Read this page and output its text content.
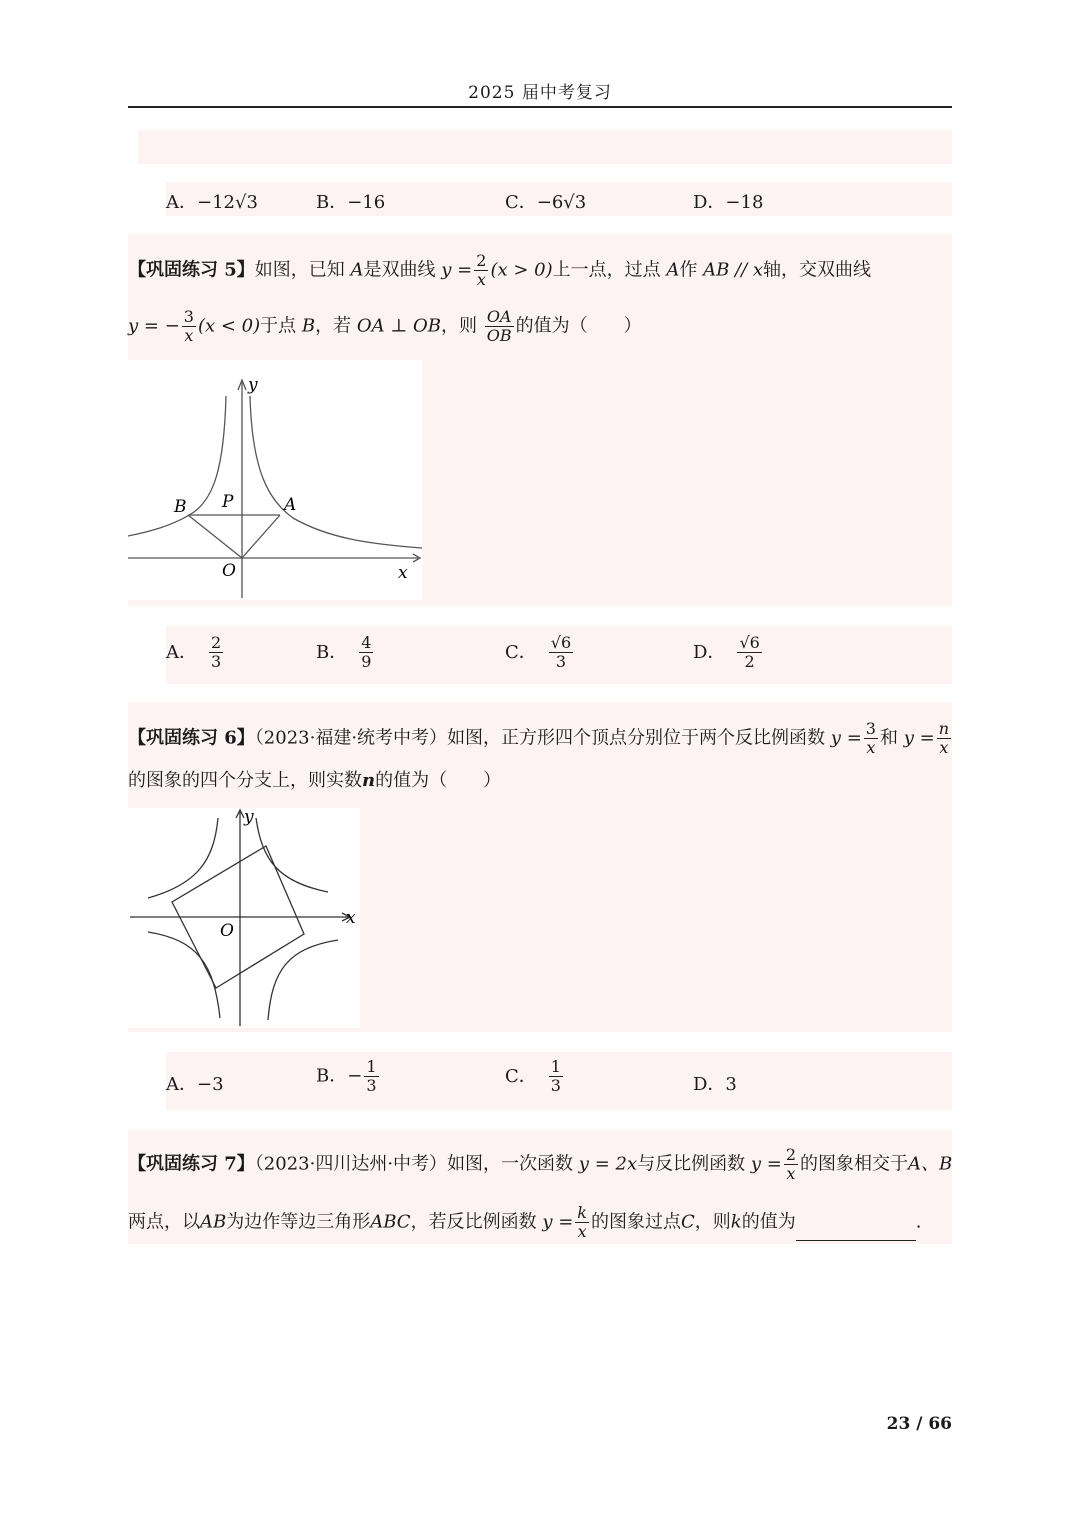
2025 届中考复习
A．−12√3	B．−16	C．−6√3	D．−18
【巩固练习 5】如图，已知 A是双曲线 $y = \frac{2}{x} (x > 0)$上一点，过点 A作 AB // x轴，交双曲线
y = − $\frac{3}{x} (x < 0)$于点 B，若 OA ⊥ OB，则 $\frac{OA}{OB}$ 的值为（　　）
y
x
O
B P	A
A． $\frac{2}{3}$	B． $\frac{4}{9}$	C． $\frac{√6}{3}$	D． $\frac{√6}{2}$
【巩固练习 6】（2023·福建·统考中考）如图，正方形四个顶点分别位于两个反比例函数 $y = \frac{3}{x}$ 和 $y = \frac{n}{x}$
的图象的四个分支上，则实数n的值为（　　）
y
x
O
A．−3	B．− $\frac{1}{3}$	C． $\frac{1}{3}$	D．3
【巩固练习 7】（2023·四川达州·中考）如图，一次函数 y = 2x与反比例函数 $y = \frac{2}{x}$ 的图象相交于A、B
两点，以AB为边作等边三角形ABC，若反比例函数 $y = \frac{k}{x}$ 的图象过点C，则k的值为	.
23 / 66
